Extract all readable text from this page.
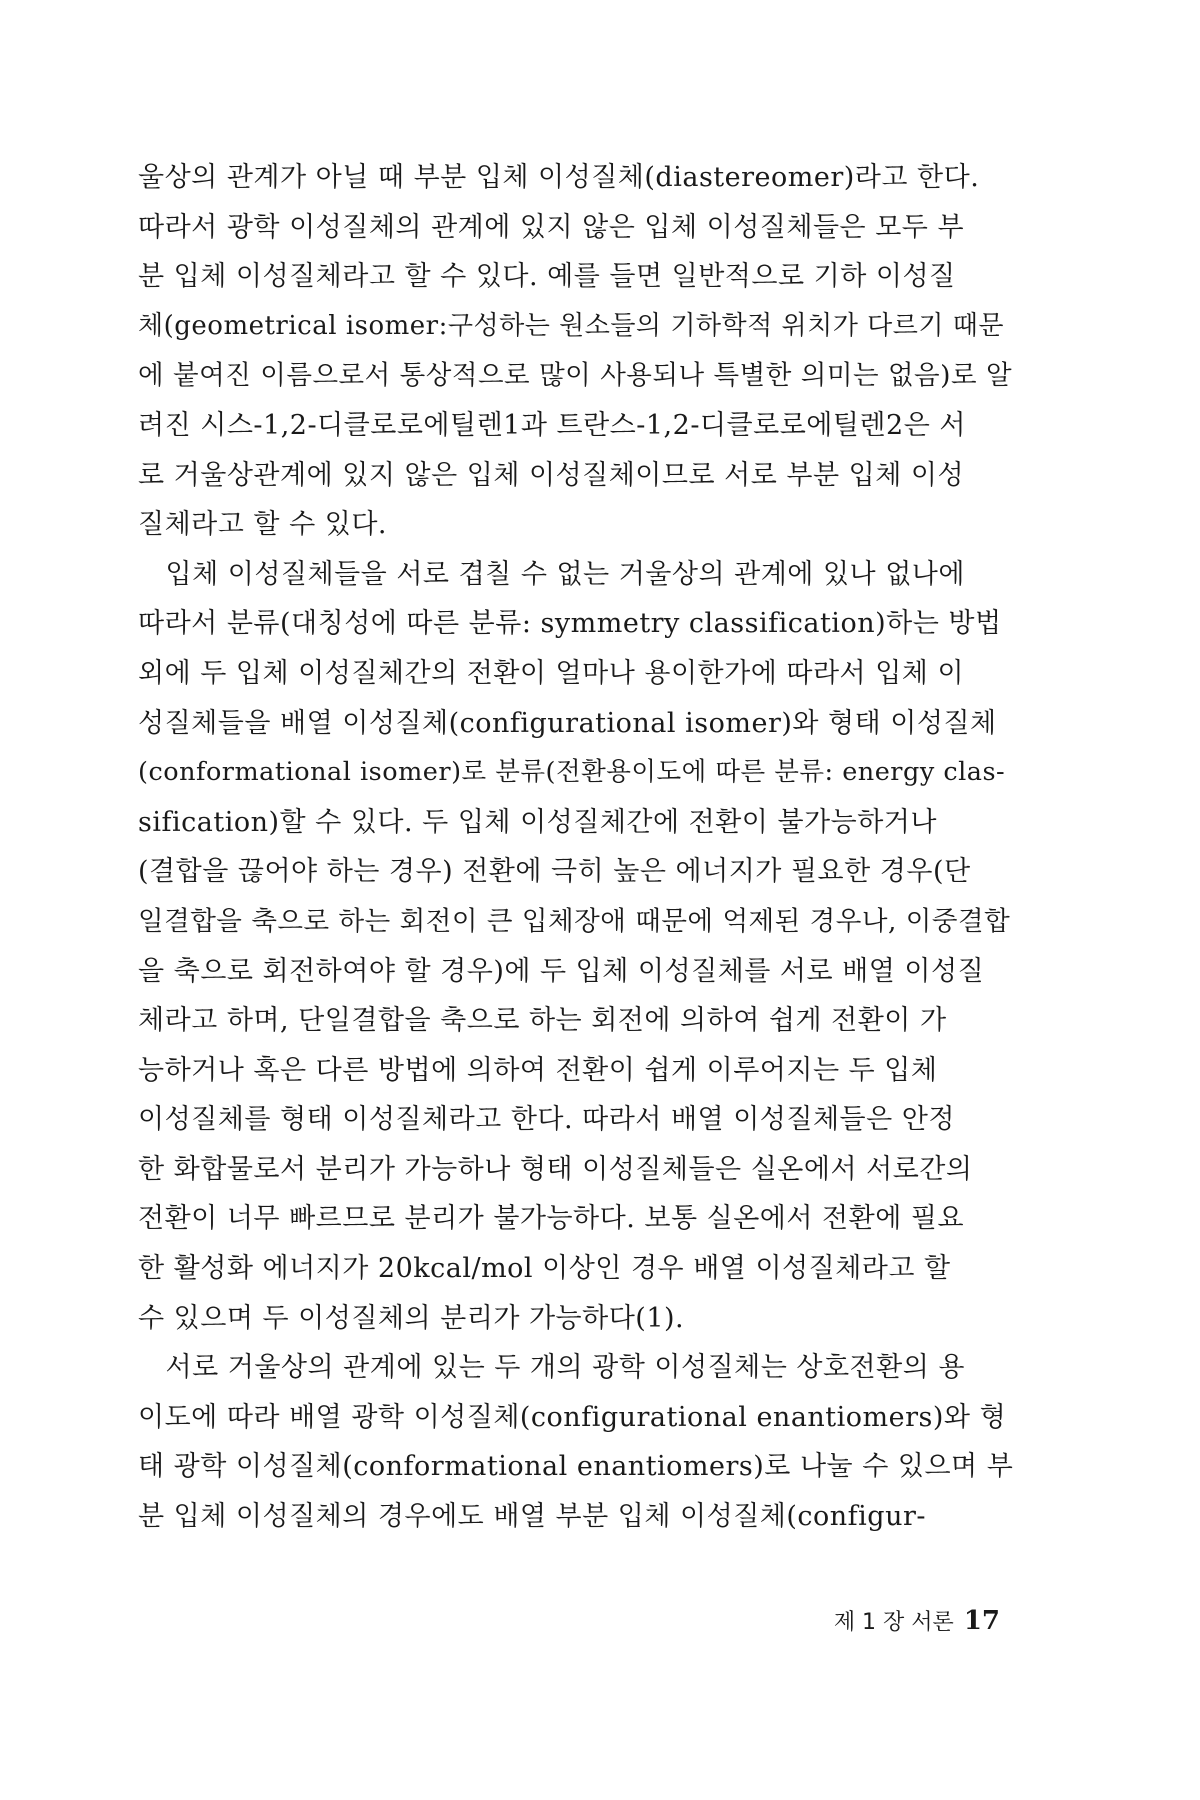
울상의 관계가 아닐 때 부분 입체 이성질체(diastereomer)라고 한다.
따라서 광학 이성질체의 관계에 있지 않은 입체 이성질체들은 모두 부
분 입체 이성질체라고 할 수 있다. 예를 들면 일반적으로 기하 이성질
체(geometrical isomer:구성하는 원소들의 기하학적 위치가 다르기 때문
에 붙여진 이름으로서 통상적으로 많이 사용되나 특별한 의미는 없음)로 알
려진 시스-1,2-디클로로에틸렌1과 트란스-1,2-디클로로에틸렌2은 서
로 거울상관계에 있지 않은 입체 이성질체이므로 서로 부분 입체 이성
질체라고 할 수 있다.
　입체 이성질체들을 서로 겹칠 수 없는 거울상의 관계에 있나 없나에
따라서 분류(대칭성에 따른 분류: symmetry classification)하는 방법
외에 두 입체 이성질체간의 전환이 얼마나 용이한가에 따라서 입체 이
성질체들을 배열 이성질체(configurational isomer)와 형태 이성질체
(conformational isomer)로 분류(전환용이도에 따른 분류: energy clas-
sification)할 수 있다. 두 입체 이성질체간에 전환이 불가능하거나
(결합을 끊어야 하는 경우) 전환에 극히 높은 에너지가 필요한 경우(단
일결합을 축으로 하는 회전이 큰 입체장애 때문에 억제된 경우나, 이중결합
을 축으로 회전하여야 할 경우)에 두 입체 이성질체를 서로 배열 이성질
체라고 하며, 단일결합을 축으로 하는 회전에 의하여 쉽게 전환이 가
능하거나 혹은 다른 방법에 의하여 전환이 쉽게 이루어지는 두 입체
이성질체를 형태 이성질체라고 한다. 따라서 배열 이성질체들은 안정
한 화합물로서 분리가 가능하나 형태 이성질체들은 실온에서 서로간의
전환이 너무 빠르므로 분리가 불가능하다. 보통 실온에서 전환에 필요
한 활성화 에너지가 20kcal/mol 이상인 경우 배열 이성질체라고 할
수 있으며 두 이성질체의 분리가 가능하다(1).
　서로 거울상의 관계에 있는 두 개의 광학 이성질체는 상호전환의 용
이도에 따라 배열 광학 이성질체(configurational enantiomers)와 형
태 광학 이성질체(conformational enantiomers)로 나눌 수 있으며 부
분 입체 이성질체의 경우에도 배열 부분 입체 이성질체(configur-
제 1 장 서론 17
